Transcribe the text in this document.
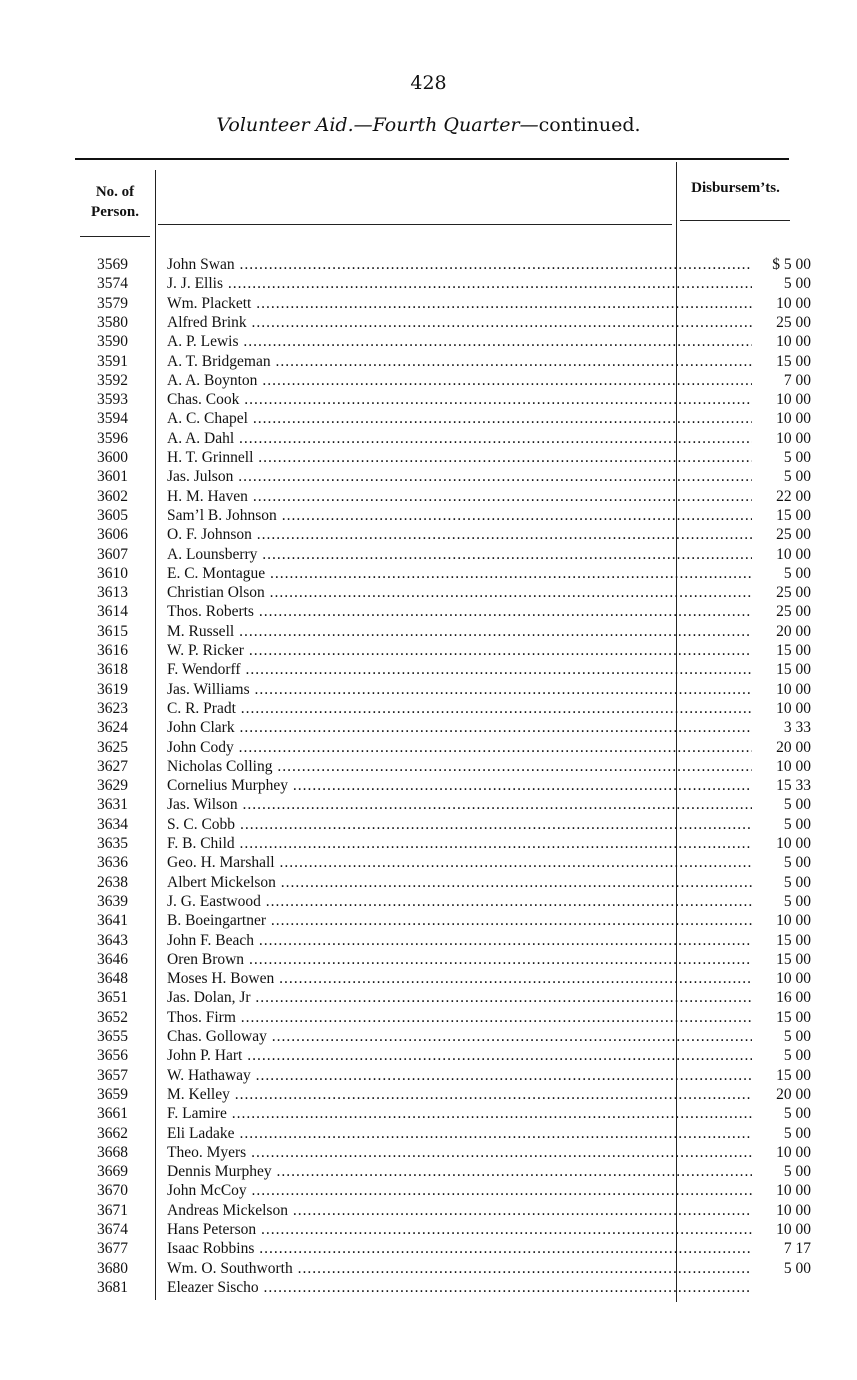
428
Volunteer Aid.—Fourth Quarter—continued.
No. of Person.
Disbursem’ts.
3569	John Swan .....	$ 5 00
3574	J. J. Ellis .....	5 00
3579	Wm. Plackett .....	10 00
3580	Alfred Brink .....	25 00
3590	A. P. Lewis .....	10 00
3591	A. T. Bridgeman .....	15 00
3592	A. A. Boynton .....	7 00
3593	Chas. Cook .....	10 00
3594	A. C. Chapel .....	10 00
3596	A. A. Dahl .....	10 00
3600	H. T. Grinnell .....	5 00
3601	Jas. Julson .....	5 00
3602	H. M. Haven .....	22 00
3605	Sam’l B. Johnson .....	15 00
3606	O. F. Johnson .....	25 00
3607	A. Lounsberry .....	10 00
3610	E. C. Montague .....	5 00
3613	Christian Olson .....	25 00
3614	Thos. Roberts .....	25 00
3615	M. Russell .....	20 00
3616	W. P. Ricker .....	15 00
3618	F. Wendorff .....	15 00
3619	Jas. Williams .....	10 00
3623	C. R. Pradt .....	10 00
3624	John Clark .....	3 33
3625	John Cody .....	20 00
3627	Nicholas Colling .....	10 00
3629	Cornelius Murphey .....	15 33
3631	Jas. Wilson .....	5 00
3634	S. C. Cobb .....	5 00
3635	F. B. Child .....	10 00
3636	Geo. H. Marshall .....	5 00
2638	Albert Mickelson .....	5 00
3639	J. G. Eastwood .....	5 00
3641	B. Boeingartner .....	10 00
3643	John F. Beach .....	15 00
3646	Oren Brown .....	15 00
3648	Moses H. Bowen .....	10 00
3651	Jas. Dolan, Jr .....	16 00
3652	Thos. Firm .....	15 00
3655	Chas. Golloway .....	5 00
3656	John P. Hart .....	5 00
3657	W. Hathaway .....	15 00
3659	M. Kelley .....	20 00
3661	F. Lamire .....	5 00
3662	Eli Ladake .....	5 00
3668	Theo. Myers .....	10 00
3669	Dennis Murphey .....	5 00
3670	John McCoy .....	10 00
3671	Andreas Mickelson .....	10 00
3674	Hans Peterson .....	10 00
3677	Isaac Robbins .....	7 17
3680	Wm. O. Southworth .....	5 00
3681	Eleazer Sischo .....
